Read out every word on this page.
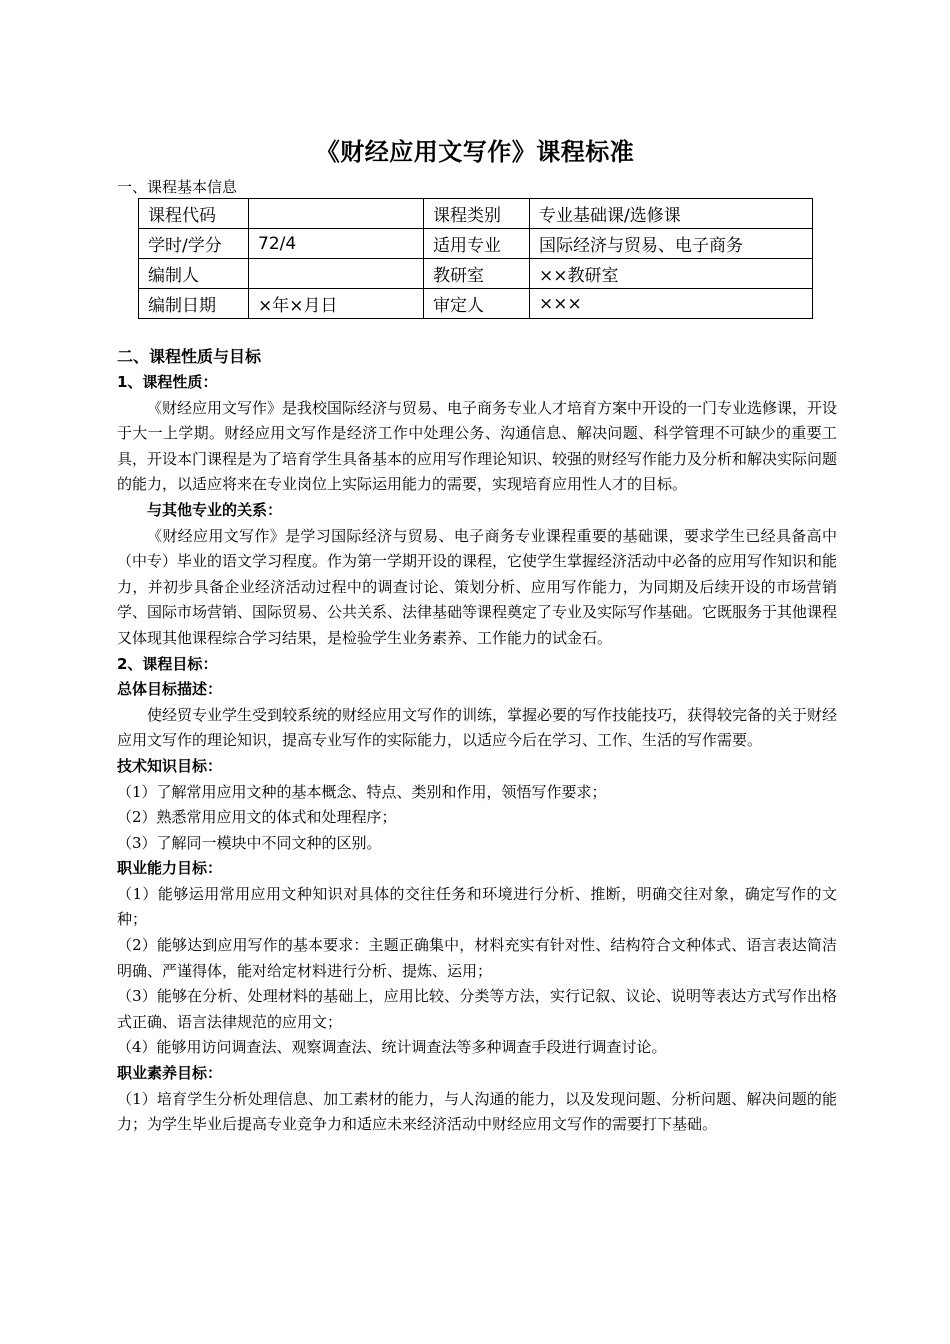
《财经应用文写作》课程标准
一、课程基本信息
课程代码		课程类别	专业基础课/选修课
学时/学分	72/4	适用专业	国际经济与贸易、电子商务
编制人		教研室	××教研室
编制日期	×年×月日	审定人	×××

二、课程性质与目标

1、课程性质：

《财经应用文写作》是我校国际经济与贸易、电子商务专业人才培育方案中开设的一门专业选修课，开设于大一上学期。财经应用文写作是经济工作中处理公务、沟通信息、解决问题、科学管理不可缺少的重要工具，开设本门课程是为了培育学生具备基本的应用写作理论知识、较强的财经写作能力及分析和解决实际问题的能力，以适应将来在专业岗位上实际运用能力的需要，实现培育应用性人才的目标。

与其他专业的关系：

《财经应用文写作》是学习国际经济与贸易、电子商务专业课程重要的基础课，要求学生已经具备高中（中专）毕业的语文学习程度。作为第一学期开设的课程，它使学生掌握经济活动中必备的应用写作知识和能力，并初步具备企业经济活动过程中的调查讨论、策划分析、应用写作能力，为同期及后续开设的市场营销学、国际市场营销、国际贸易、公共关系、法律基础等课程奠定了专业及实际写作基础。它既服务于其他课程又体现其他课程综合学习结果，是检验学生业务素养、工作能力的试金石。

2、课程目标：

总体目标描述：

使经贸专业学生受到较系统的财经应用文写作的训练，掌握必要的写作技能技巧，获得较完备的关于财经应用文写作的理论知识，提高专业写作的实际能力，以适应今后在学习、工作、生活的写作需要。

技术知识目标：

（1）了解常用应用文种的基本概念、特点、类别和作用，领悟写作要求；

（2）熟悉常用应用文的体式和处理程序；

（3）了解同一模块中不同文种的区别。

职业能力目标：

（1）能够运用常用应用文种知识对具体的交往任务和环境进行分析、推断，明确交往对象，确定写作的文种；

（2）能够达到应用写作的基本要求：主题正确集中，材料充实有针对性、结构符合文种体式、语言表达简洁明确、严谨得体，能对给定材料进行分析、提炼、运用；

（3）能够在分析、处理材料的基础上，应用比较、分类等方法，实行记叙、议论、说明等表达方式写作出格式正确、语言法律规范的应用文；

（4）能够用访问调查法、观察调查法、统计调查法等多种调查手段进行调查讨论。

职业素养目标：

（1）培育学生分析处理信息、加工素材的能力，与人沟通的能力，以及发现问题、分析问题、解决问题的能力；为学生毕业后提高专业竞争力和适应未来经济活动中财经应用文写作的需要打下基础。
